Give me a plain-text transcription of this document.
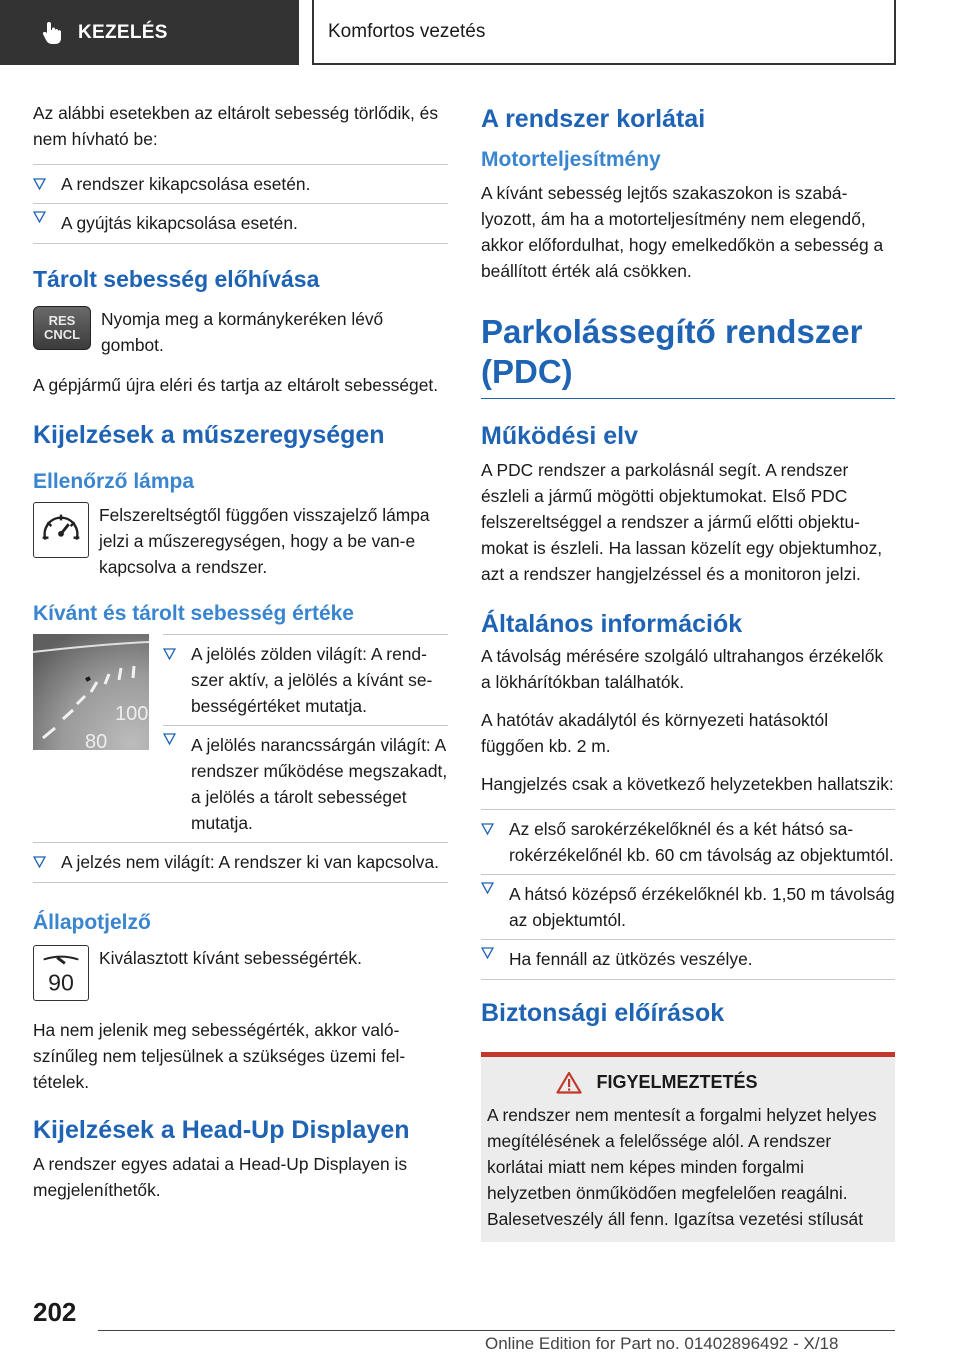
KEZELÉS	Komfortos vezetés

Az alábbi esetekben az eltárolt sebesség törlődik, és nem hívható be:

A rendszer kikapcsolása esetén.
A gyújtás kikapcsolása esetén.
Tárolt sebesség előhívása
RES
CNCL
Nyomja meg a kormánykeréken lévő gombot.

A gépjármű újra eléri és tartja az eltárolt sebességet.

Kijelzések a műszeregységen
Ellenőrző lámpa
Felszereltségtől függően visszajelző lámpa jelzi a műszeregységen, hogy a be van-e kapcsolva a rendszer.
Kívánt és tárolt sebesség értéke
100
80
A jelölés zölden világít: A rendszer aktív, a jelölés a kívánt sebességértéket mutatja.
A jelölés narancssárgán világít: A rendszer működése megszakadt, a jelölés a tárolt sebességet mutatja.
A jelzés nem világít: A rendszer ki van kapcsolva.
Állapotjelző
90
Kiválasztott kívánt sebességérték.

Ha nem jelenik meg sebességérték, akkor valószínűleg nem teljesülnek a szükséges üzemi feltételek.

Kijelzések a Head-Up Displayen

A rendszer egyes adatai a Head-Up Displayen is megjeleníthetők.

A rendszer korlátai
Motorteljesítmény

A kívánt sebesség lejtős szakaszokon is szabályozott, ám ha a motorteljesítmény nem elegendő, akkor előfordulhat, hogy emelkedőkön a sebesség a beállított érték alá csökken.

Parkolássegítő rendszer (PDC)
Működési elv

A PDC rendszer a parkolásnál segít. A rendszer észleli a jármű mögötti objektumokat. Első PDC felszereltséggel a rendszer a jármű előtti objektumokat is észleli. Ha lassan közelít egy objektumhoz, azt a rendszer hangjelzéssel és a monitoron jelzi.

Általános információk

A távolság mérésére szolgáló ultrahangos érzékelők a lökhárítókban találhatók.

A hatótáv akadálytól és környezeti hatásoktól függően kb. 2 m.

Hangjelzés csak a következő helyzetekben hallatszik:

Az első sarokérzékelőknél és a két hátsó sarokérzékelőnél kb. 60 cm távolság az objektumtól.
A hátsó középső érzékelőknél kb. 1,50 m távolság az objektumtól.
Ha fennáll az ütközés veszélye.
Biztonsági előírások
FIGYELMEZTETÉS

A rendszer nem mentesít a forgalmi helyzet helyes megítélésének a felelőssége alól. A rendszer korlátai miatt nem képes minden forgalmi helyzetben önműködően megfelelően reagálni. Balesetveszély áll fenn. Igazítsa vezetési stílusát

202
Online Edition for Part no. 01402896492 - X/18
